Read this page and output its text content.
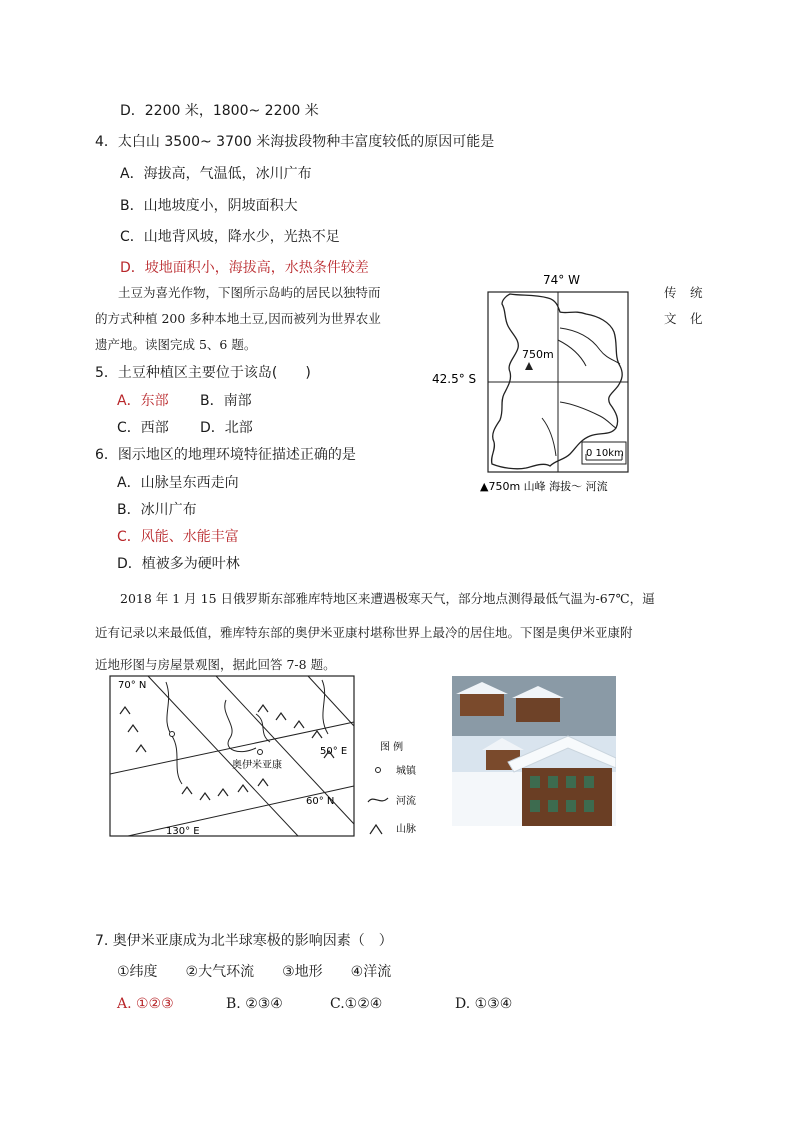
D．2200 米，1800~ 2200 米
4．太白山 3500~ 3700 米海拔段物种丰富度较低的原因可能是
A．海拔高，气温低，冰川广布
B．山地坡度小，阴坡面积大
C．山地背风坡，降水少，光热不足
D．坡地面积小，海拔高，水热条件较差
土豆为喜光作物，下图所示岛屿的居民以独特而	传 统
的方式种植 200 多种本地土豆,因而被列为世界农业	文 化
遗产地。读图完成 5、6 题。
5．土豆种植区主要位于该岛(　　)
A．东部 B．南部
C．西部 D．北部
6．图示地区的地理环境特征描述正确的是
A．山脉呈东西走向
B．冰川广布
C．风能、水能丰富
D．植被多为硬叶林
74° W
42.5° S
750m
0 10km
▲750m 山峰 海拔～ 河流
2018 年 1 月 15 日俄罗斯东部雅库特地区来遭遇极寒天气，部分地点测得最低气温为-67℃，逼
近有记录以来最低值，雅库特东部的奥伊米亚康村堪称世界上最冷的居住地。下图是奥伊米亚康附
近地形图与房屋景观图，据此回答 7-8 题。
70° N
奥伊米亚康
50° E
60° N
130° E
图 例
城镇
河流
山脉
7. 奥伊米亚康成为北半球寒极的影响因素（　）
①纬度　　②大气环流　　③地形　　④洋流
A. ①②③	B. ②③④	C.①②④	D. ①③④
